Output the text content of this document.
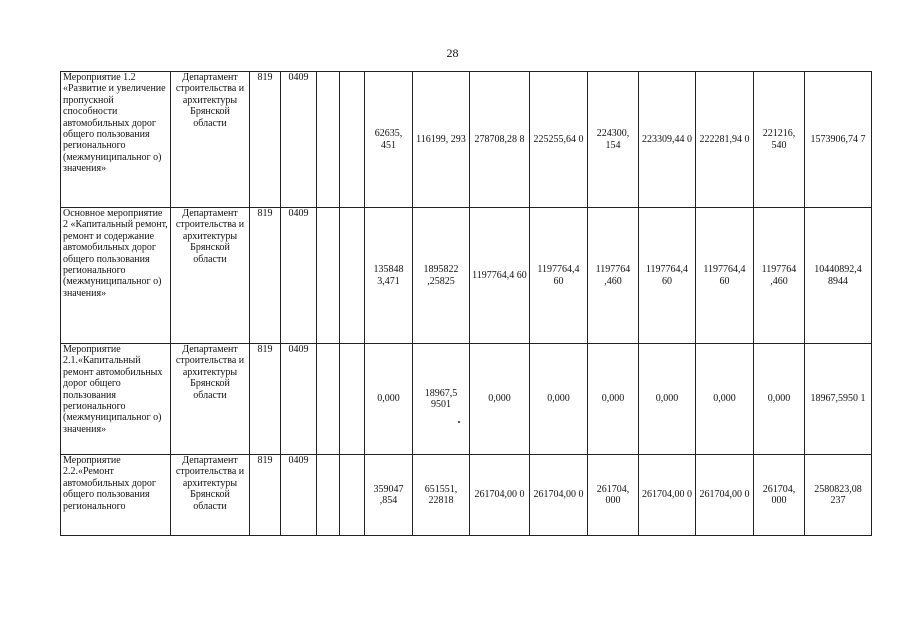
28
Мероприятие 1.2 «Развитие и увеличение пропускной способности автомобильных дорог общего пользования регионального (межмуниципальног о) значения»	Департамент строительства и архитектуры Брянской области	819	0409			62635, 451	116199, 293	278708,28 8	225255,64 0	224300, 154	223309,44 0	222281,94 0	221216, 540	1573906,74 7
Основное мероприятие 2 «Капитальный ремонт, ремонт и содержание автомобильных дорог общего пользования регионального (межмуниципальног о) значения»	Департамент строительства и архитектуры Брянской области	819	0409			135848 3,471	1895822 ,25825	1197764,4 60	1197764,4 60	1197764 ,460	1197764,4 60	1197764,4 60	1197764 ,460	10440892,4 8944
Мероприятие 2.1.«Капитальный ремонт автомобильных дорог общего пользования регионального (межмуниципальног о) значения»	Департамент строительства и архитектуры Брянской области	819	0409			0,000	18967,5 9501	0,000	0,000	0,000	0,000	0,000	0,000	18967,5950 1
Мероприятие 2.2.«Ремонт автомобильных дорог общего пользования регионального	Департамент строительства и архитектуры Брянской области	819	0409			359047 ,854	651551, 22818	261704,00 0	261704,00 0	261704, 000	261704,00 0	261704,00 0	261704, 000	2580823,08 237
